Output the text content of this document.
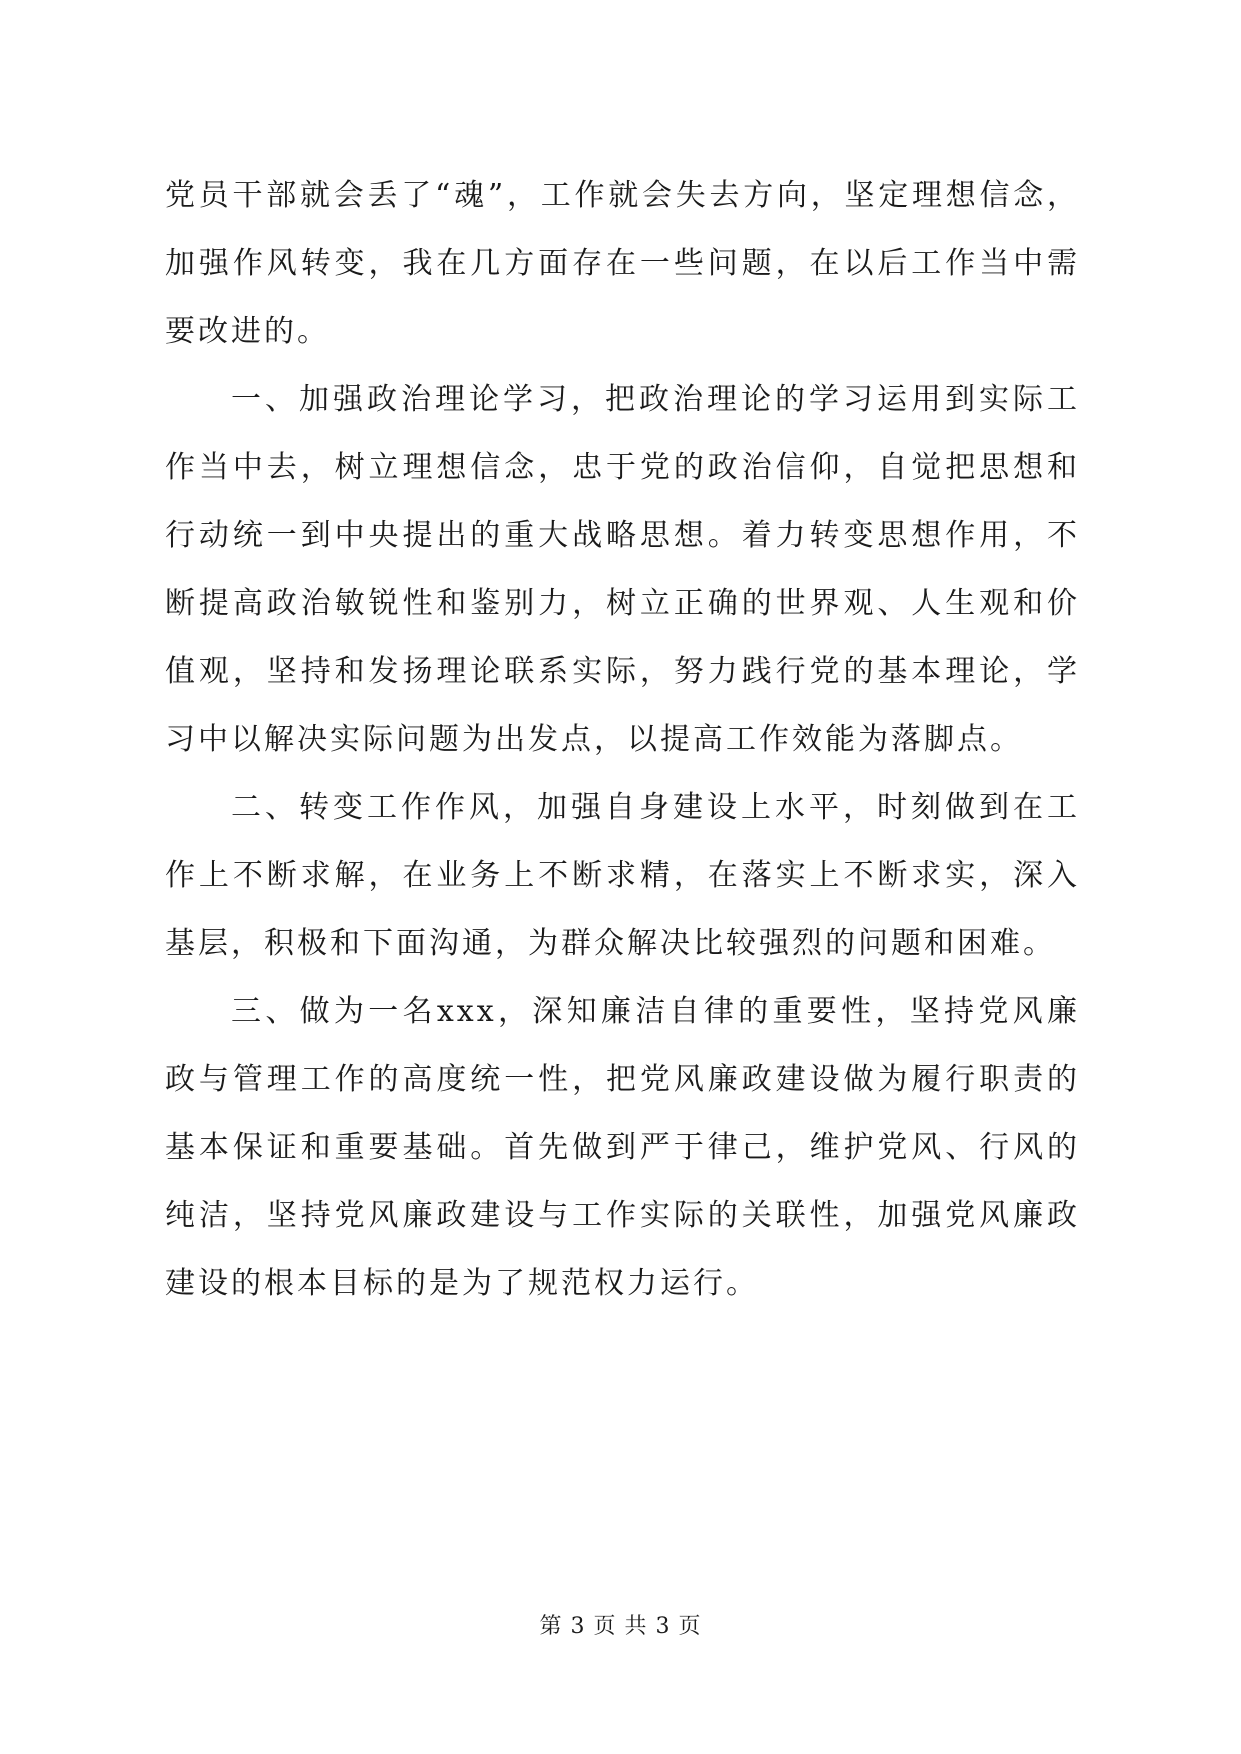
党员干部就会丢了“魂”，工作就会失去方向，坚定理想信念，加强作风转变，我在几方面存在一些问题，在以后工作当中需要改进的。

一、加强政治理论学习，把政治理论的学习运用到实际工作当中去，树立理想信念，忠于党的政治信仰，自觉把思想和行动统一到中央提出的重大战略思想。着力转变思想作用，不断提高政治敏锐性和鉴别力，树立正确的世界观、人生观和价值观，坚持和发扬理论联系实际，努力践行党的基本理论，学习中以解决实际问题为出发点，以提高工作效能为落脚点。

二、转变工作作风，加强自身建设上水平，时刻做到在工作上不断求解，在业务上不断求精，在落实上不断求实，深入基层，积极和下面沟通，为群众解决比较强烈的问题和困难。

三、做为一名xxx，深知廉洁自律的重要性，坚持党风廉政与管理工作的高度统一性，把党风廉政建设做为履行职责的基本保证和重要基础。首先做到严于律己，维护党风、行风的纯洁，坚持党风廉政建设与工作实际的关联性，加强党风廉政建设的根本目标的是为了规范权力运行。

第 3 页 共 3 页
